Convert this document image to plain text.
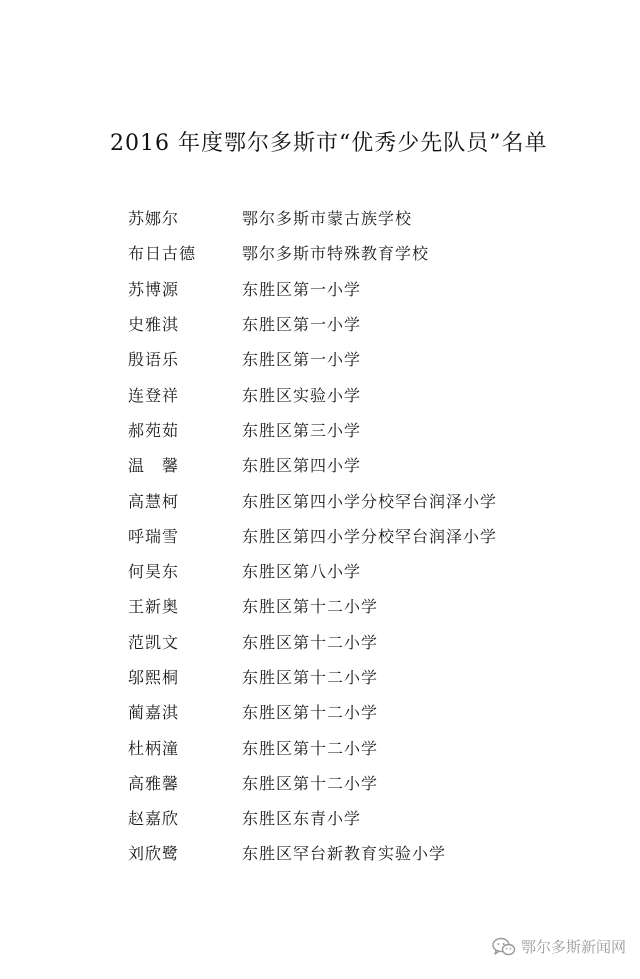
2016 年度鄂尔多斯市“优秀少先队员”名单
苏娜尔	鄂尔多斯市蒙古族学校
布日古德	鄂尔多斯市特殊教育学校
苏博源	东胜区第一小学
史雅淇	东胜区第一小学
殷语乐	东胜区第一小学
连登祥	东胜区实验小学
郝苑茹	东胜区第三小学
温　馨	东胜区第四小学
高慧柯	东胜区第四小学分校罕台润泽小学
呼瑞雪	东胜区第四小学分校罕台润泽小学
何昊东	东胜区第八小学
王新奥	东胜区第十二小学
范凯文	东胜区第十二小学
邬熙桐	东胜区第十二小学
蔺嘉淇	东胜区第十二小学
杜柄潼	东胜区第十二小学
高雅馨	东胜区第十二小学
赵嘉欣	东胜区东青小学
刘欣鹭	东胜区罕台新教育实验小学
鄂尔多斯新闻网
